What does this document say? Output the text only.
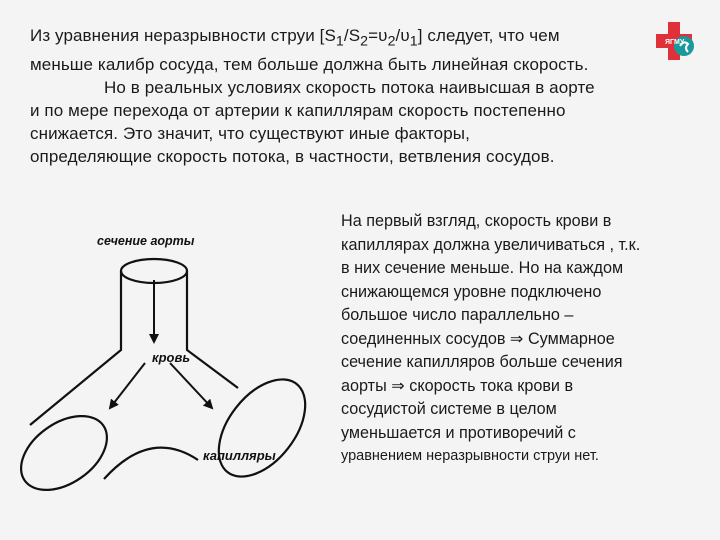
Из уравнения неразрывности струи $[S_1/S_2=\upsilon_2/\upsilon_1]$ следует, что чем
меньше калибр сосуда, тем больше должна быть линейная скорость.
Но в реальных условиях скорость потока наивысшая в аорте
и по мере перехода от артерии к капиллярам скорость постепенно
снижается. Это значит, что существуют иные факторы,
определяющие скорость потока, в частности, ветвления сосудов.
ЯГМУ
сечение аорты
кровь
капилляры
На первый взгляд, скорость крови в
капиллярах должна увеличиваться , т.к.
в них сечение меньше. Но на каждом
снижающемся уровне подключено
большое число параллельно –
соединенных сосудов ⇒ Суммарное
сечение капилляров больше сечения
аорты ⇒ скорость тока крови в
сосудистой системе в целом
уменьшается и противоречий с
уравнением неразрывности струи нет.
